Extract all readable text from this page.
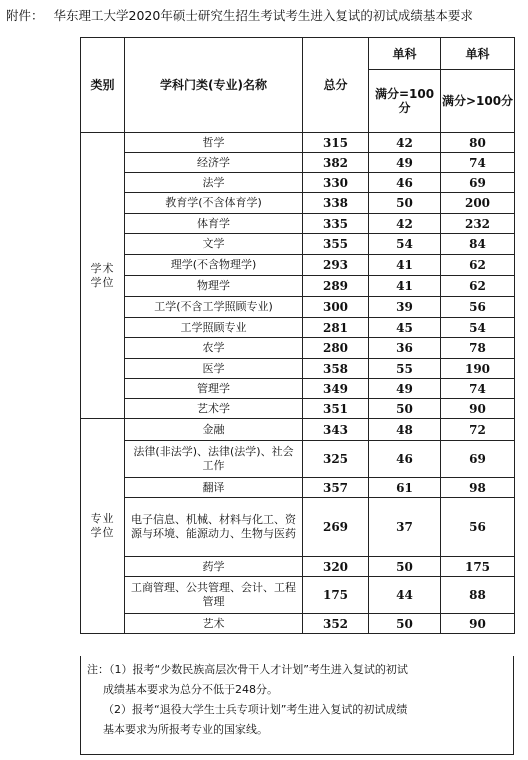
附件： 华东理工大学2020年硕士研究生招生考试考生进入复试的初试成绩基本要求
类别	学科门类(专业)名称	总分	单科	单科
			满分=100分	满分>100分
学术学位	哲学	315	42	80
	经济学	382	49	74
	法学	330	46	69
	教育学(不含体育学)	338	50	200
	体育学	335	42	232
	文学	355	54	84
	理学(不含物理学)	293	41	62
	物理学	289	41	62
	工学(不含工学照顾专业)	300	39	56
	工学照顾专业	281	45	54
	农学	280	36	78
	医学	358	55	190
	管理学	349	49	74
	艺术学	351	50	90
专业学位	金融	343	48	72
	法律(非法学)、法律(法学)、社会工作	325	46	69
	翻译	357	61	98
	电子信息、机械、材料与化工、资源与环境、能源动力、生物与医药	269	37	56
	药学	320	50	175
	工商管理、公共管理、会计、工程管理	175	44	88
	艺术	352	50	90

注：（1）报考“少数民族高层次骨干人才计划”考生进入复试的初试

成绩基本要求为总分不低于248分。

（2）报考“退役大学生士兵专项计划”考生进入复试的初试成绩

基本要求为所报考专业的国家线。
